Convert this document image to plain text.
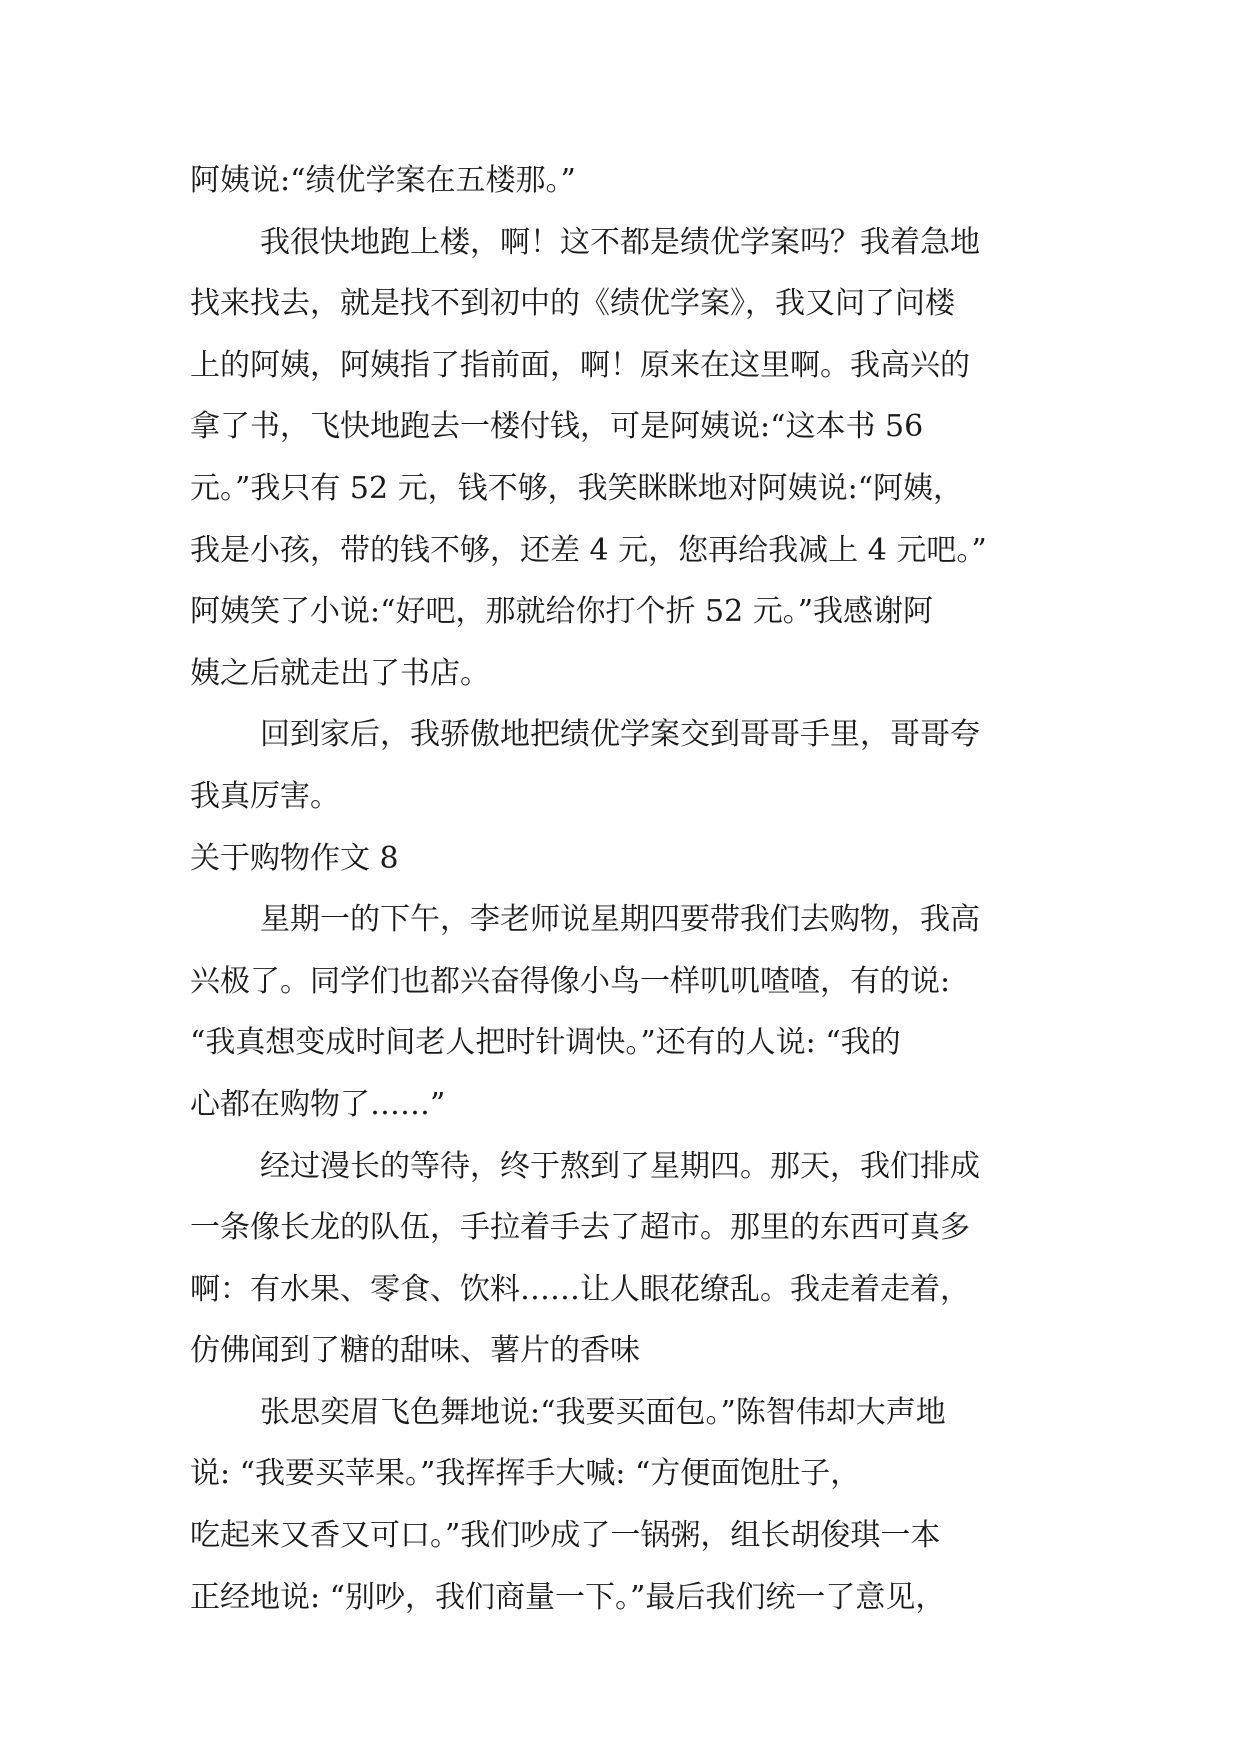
阿姨说:“绩优学案在五楼那。”
我很快地跑上楼，啊！这不都是绩优学案吗？我着急地
找来找去，就是找不到初中的《绩优学案》，我又问了问楼
上的阿姨，阿姨指了指前面，啊！原来在这里啊。我高兴的
拿了书，飞快地跑去一楼付钱，可是阿姨说:“这本书 56
元。”我只有 52 元，钱不够，我笑眯眯地对阿姨说:“阿姨，
我是小孩，带的钱不够，还差 4 元，您再给我减上 4 元吧。”
阿姨笑了小说:“好吧，那就给你打个折 52 元。”我感谢阿
姨之后就走出了书店。
回到家后，我骄傲地把绩优学案交到哥哥手里，哥哥夸
我真厉害。
关于购物作文 8
星期一的下午，李老师说星期四要带我们去购物，我高
兴极了。同学们也都兴奋得像小鸟一样叽叽喳喳，有的说:
“我真想变成时间老人把时针调快。”还有的人说: “我的
心都在购物了……”
经过漫长的等待，终于熬到了星期四。那天，我们排成
一条像长龙的队伍，手拉着手去了超市。那里的东西可真多
啊：有水果、零食、饮料……让人眼花缭乱。我走着走着，
仿佛闻到了糖的甜味、薯片的香味
张思奕眉飞色舞地说:“我要买面包。”陈智伟却大声地
说: “我要买苹果。”我挥挥手大喊: “方便面饱肚子，
吃起来又香又可口。”我们吵成了一锅粥，组长胡俊琪一本
正经地说: “别吵，我们商量一下。”最后我们统一了意见，
